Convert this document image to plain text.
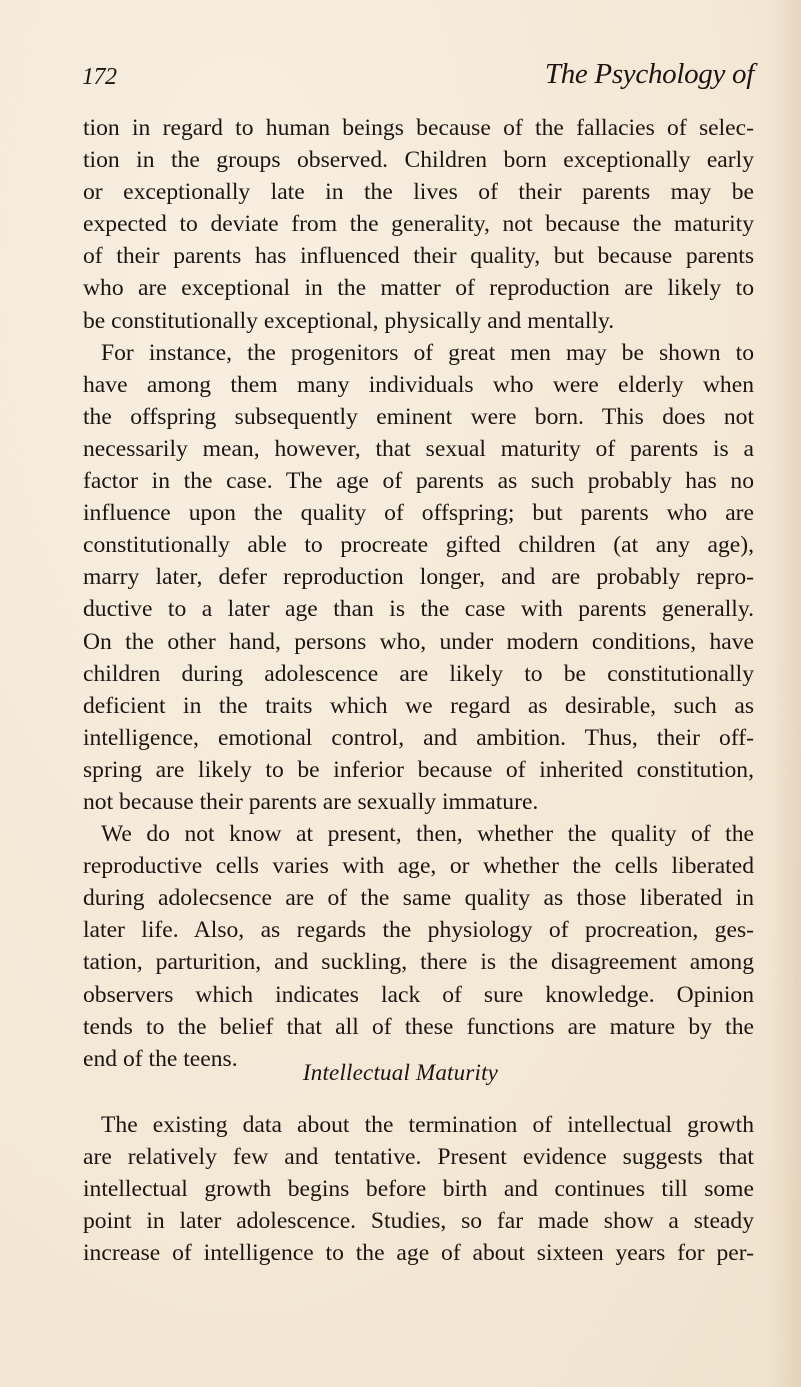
172	The Psychology of
tion in regard to human beings because of the fallacies of selec-
tion in the groups observed. Children born exceptionally early
or exceptionally late in the lives of their parents may be
expected to deviate from the generality, not because the maturity
of their parents has influenced their quality, but because parents
who are exceptional in the matter of reproduction are likely to
be constitutionally exceptional, physically and mentally.
For instance, the progenitors of great men may be shown to
have among them many individuals who were elderly when
the offspring subsequently eminent were born. This does not
necessarily mean, however, that sexual maturity of parents is a
factor in the case. The age of parents as such probably has no
influence upon the quality of offspring; but parents who are
constitutionally able to procreate gifted children (at any age),
marry later, defer reproduction longer, and are probably repro-
ductive to a later age than is the case with parents generally.
On the other hand, persons who, under modern conditions, have
children during adolescence are likely to be constitutionally
deficient in the traits which we regard as desirable, such as
intelligence, emotional control, and ambition. Thus, their off-
spring are likely to be inferior because of inherited constitution,
not because their parents are sexually immature.
We do not know at present, then, whether the quality of the
reproductive cells varies with age, or whether the cells liberated
during adolecsence are of the same quality as those liberated in
later life. Also, as regards the physiology of procreation, ges-
tation, parturition, and suckling, there is the disagreement among
observers which indicates lack of sure knowledge. Opinion
tends to the belief that all of these functions are mature by the
end of the teens.
Intellectual Maturity
The existing data about the termination of intellectual growth
are relatively few and tentative. Present evidence suggests that
intellectual growth begins before birth and continues till some
point in later adolescence. Studies, so far made show a steady
increase of intelligence to the age of about sixteen years for per-
